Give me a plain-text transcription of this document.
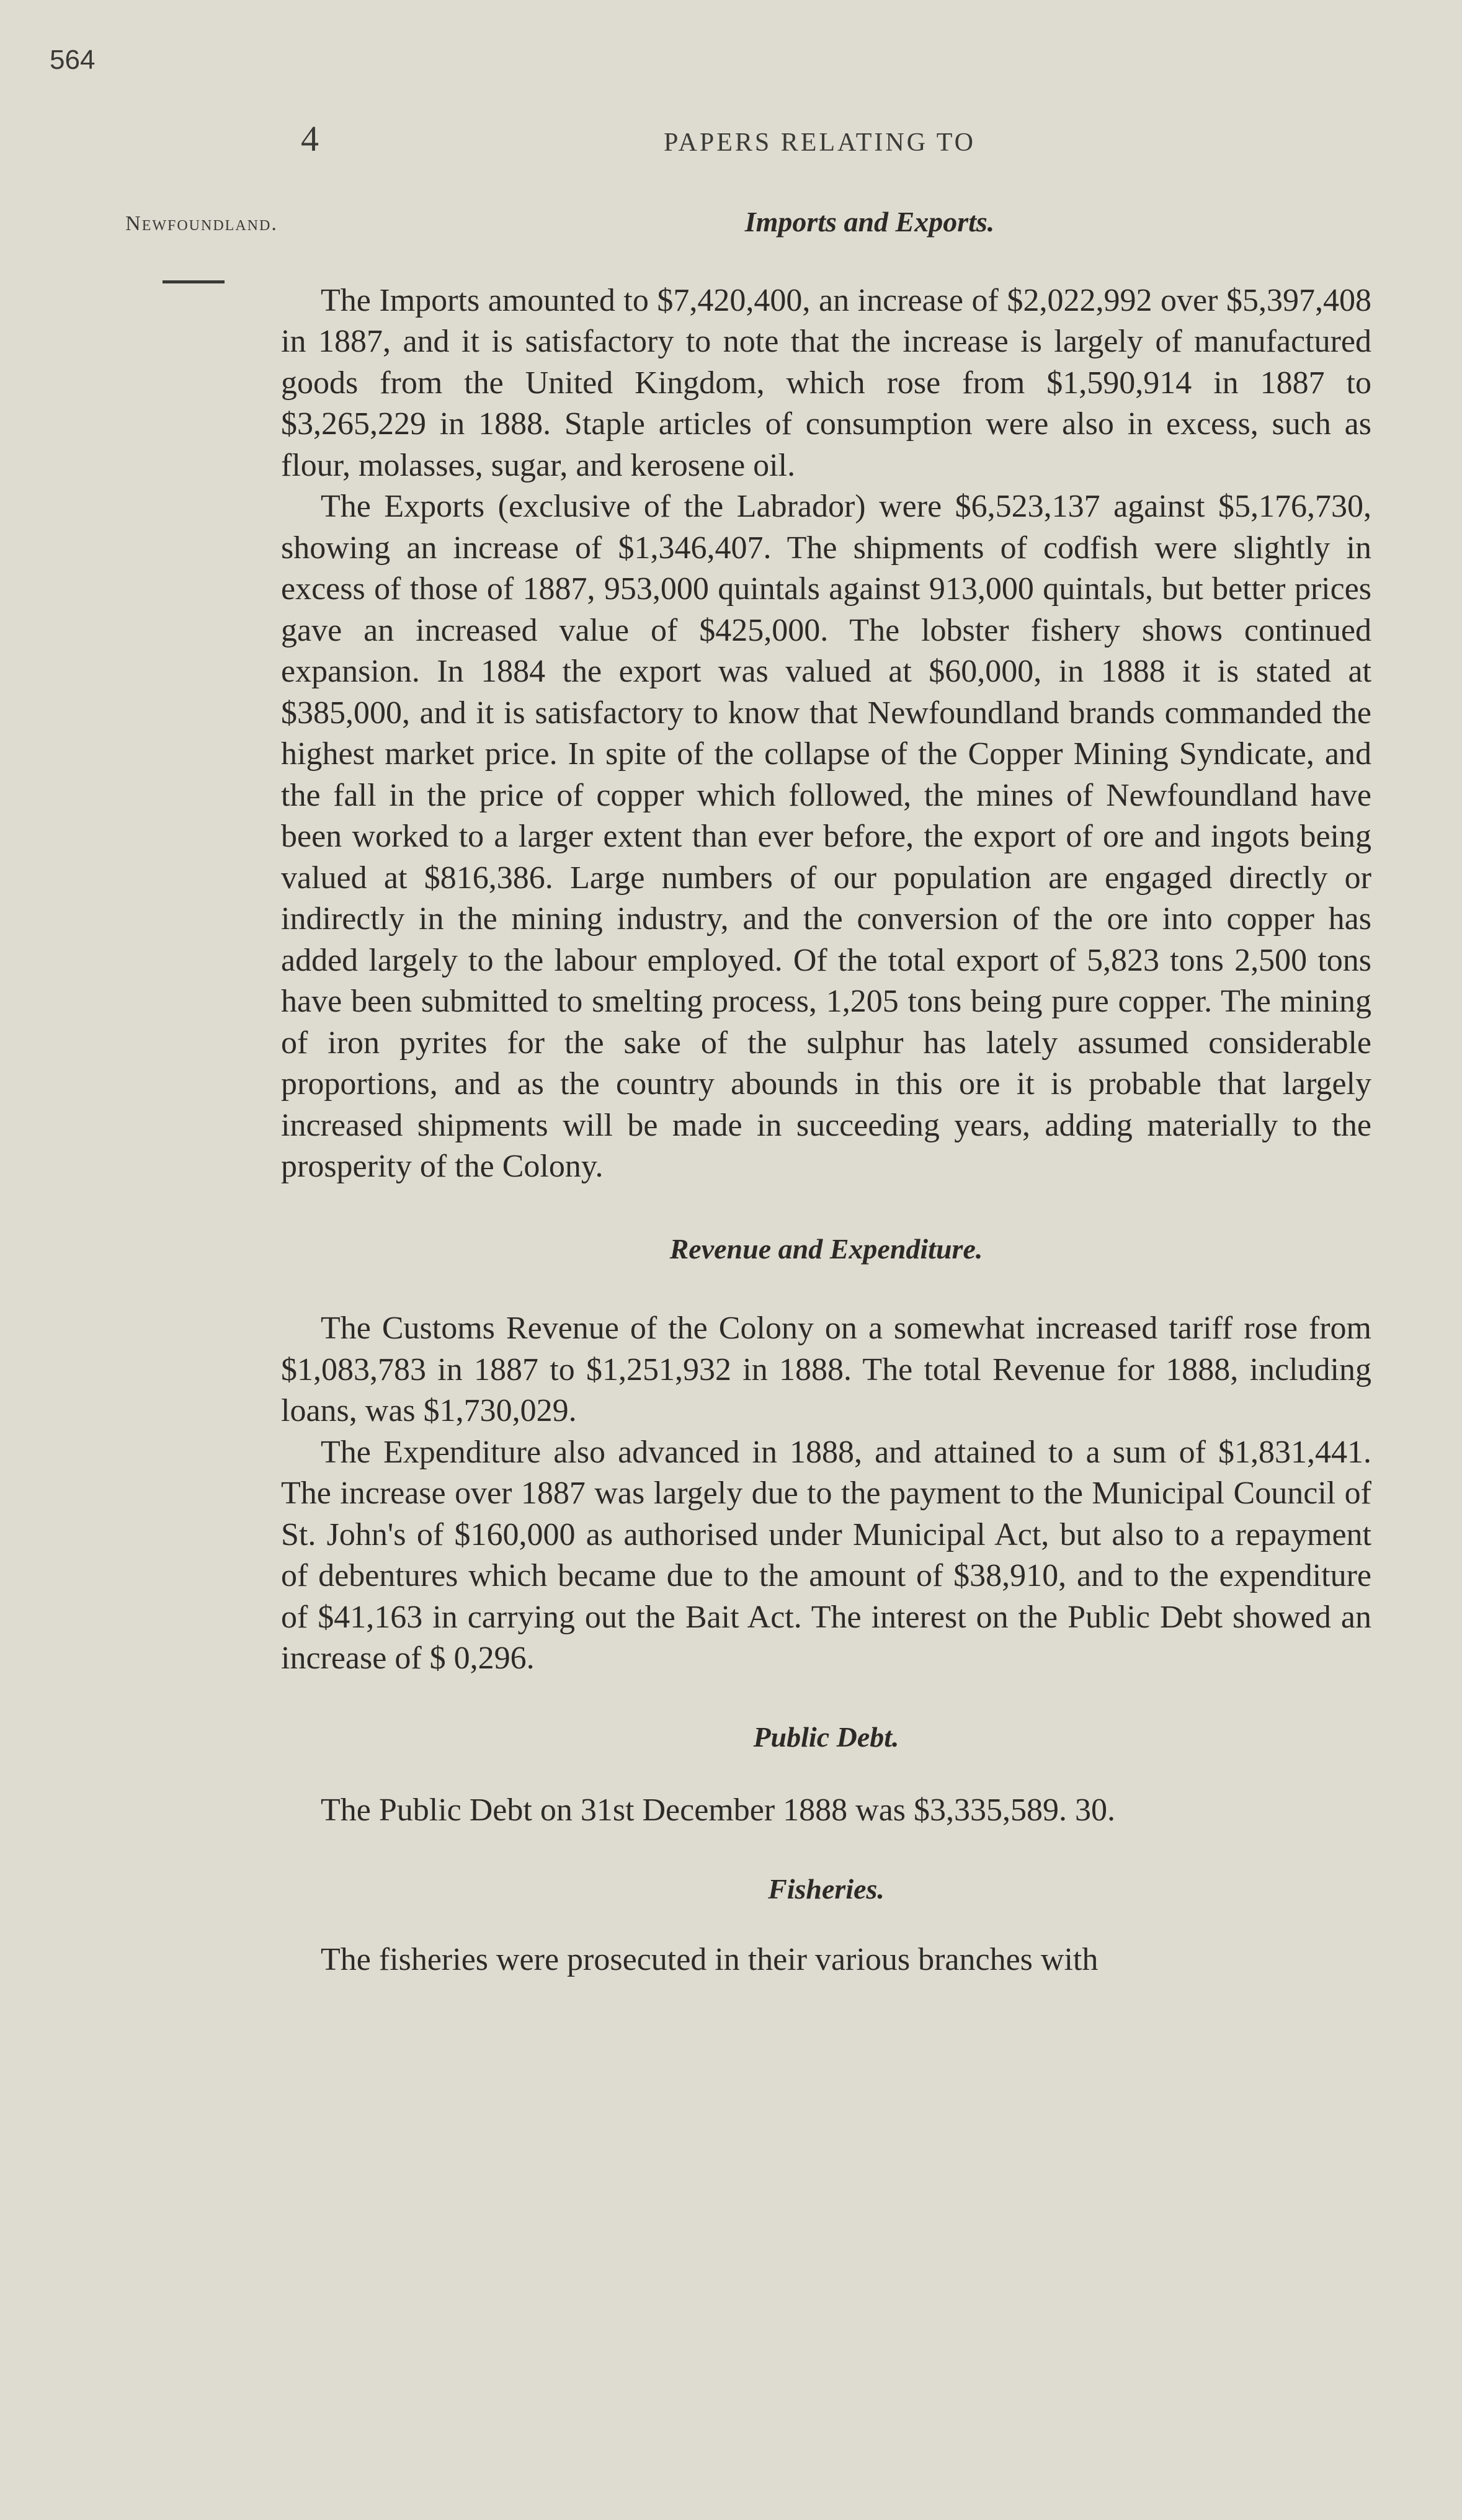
564
4	PAPERS RELATING TO
Newfoundland.	Imports and Exports.

The Imports amounted to $7,420,400, an increase of $2,022,992 over $5,397,408 in 1887, and it is satisfactory to note that the increase is largely of manufactured goods from the United Kingdom, which rose from $1,590,914 in 1887 to $3,265,229 in 1888. Staple articles of consumption were also in excess, such as flour, molasses, sugar, and kerosene oil.

The Exports (exclusive of the Labrador) were $6,523,137 against $5,176,730, showing an increase of $1,346,407. The shipments of codfish were slightly in excess of those of 1887, 953,000 quintals against 913,000 quintals, but better prices gave an increased value of $425,000. The lobster fishery shows continued expansion. In 1884 the export was valued at $60,000, in 1888 it is stated at $385,000, and it is satisfactory to know that Newfoundland brands commanded the highest market price. In spite of the collapse of the Copper Mining Syndicate, and the fall in the price of copper which followed, the mines of Newfoundland have been worked to a larger extent than ever before, the export of ore and ingots being valued at $816,386. Large numbers of our population are engaged directly or indirectly in the mining industry, and the conversion of the ore into copper has added largely to the labour employed. Of the total export of 5,823 tons 2,500 tons have been submitted to smelting process, 1,205 tons being pure copper. The mining of iron pyrites for the sake of the sulphur has lately assumed considerable proportions, and as the country abounds in this ore it is probable that largely increased shipments will be made in succeeding years, adding materially to the prosperity of the Colony.

Revenue and Expenditure.

The Customs Revenue of the Colony on a somewhat increased tariff rose from $1,083,783 in 1887 to $1,251,932 in 1888. The total Revenue for 1888, including loans, was $1,730,029.

The Expenditure also advanced in 1888, and attained to a sum of $1,831,441. The increase over 1887 was largely due to the payment to the Municipal Council of St. John's of $160,000 as authorised under Municipal Act, but also to a repayment of debentures which became due to the amount of $38,910, and to the expenditure of $41,163 in carrying out the Bait Act. The interest on the Public Debt showed an increase of $ 0,296.

Public Debt.

The Public Debt on 31st December 1888 was $3,335,589. 30.

Fisheries.

The fisheries were prosecuted in their various branches with
